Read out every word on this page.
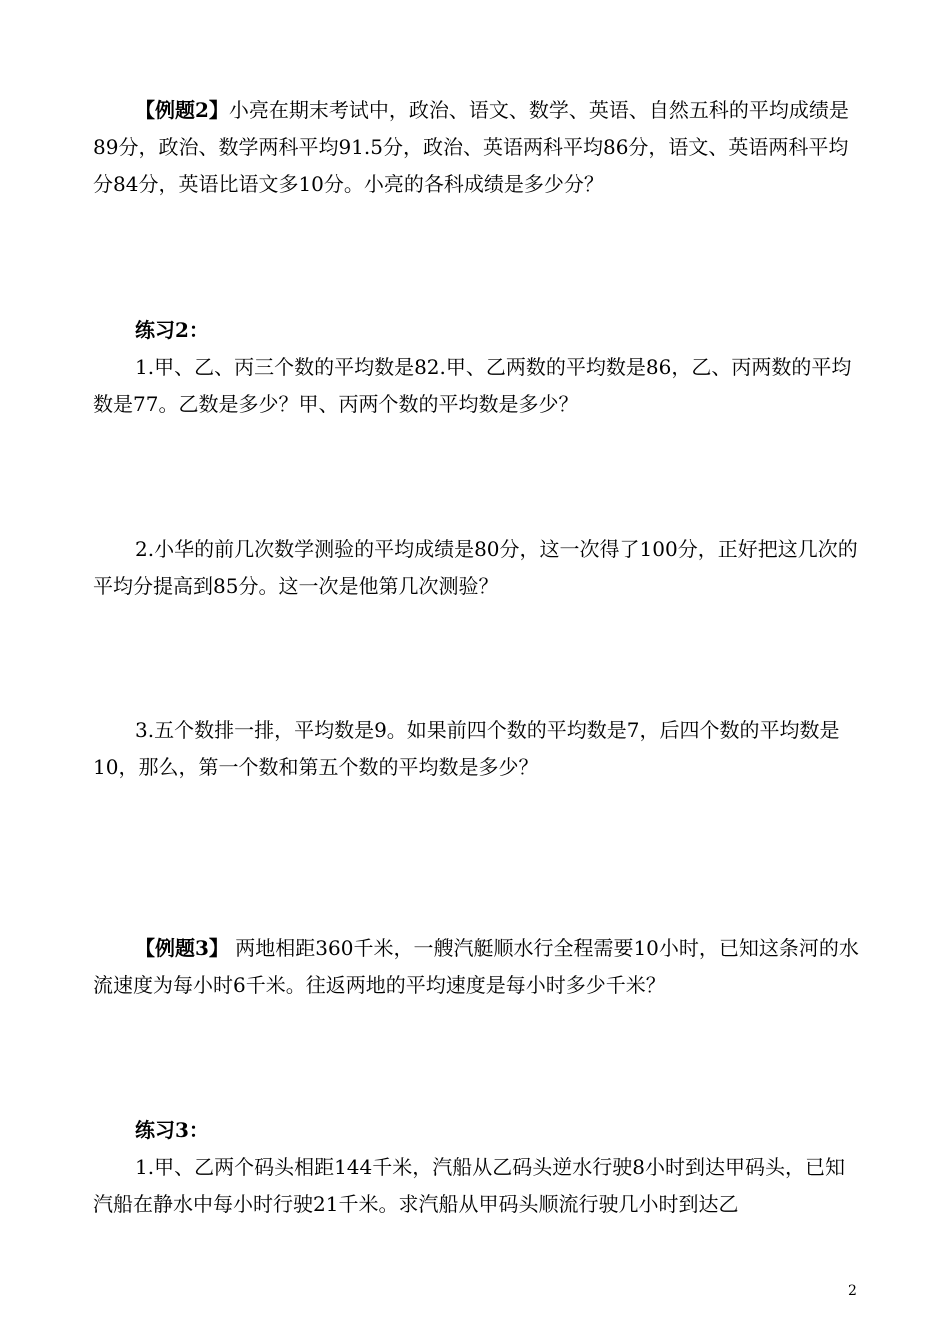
【例题2】小亮在期末考试中，政治、语文、数学、英语、自然五科的平均成绩是89分，政治、数学两科平均91.5分，政治、英语两科平均86分，语文、英语两科平均分84分，英语比语文多10分。小亮的各科成绩是多少分？

练习2：

1.甲、乙、丙三个数的平均数是82.甲、乙两数的平均数是86，乙、丙两数的平均数是77。乙数是多少？甲、丙两个数的平均数是多少？

2.小华的前几次数学测验的平均成绩是80分，这一次得了100分，正好把这几次的平均分提高到85分。这一次是他第几次测验？

3.五个数排一排，平均数是9。如果前四个数的平均数是7，后四个数的平均数是10，那么，第一个数和第五个数的平均数是多少？

【例题3】 两地相距360千米，一艘汽艇顺水行全程需要10小时，已知这条河的水流速度为每小时6千米。往返两地的平均速度是每小时多少千米？

练习3：

1.甲、乙两个码头相距144千米，汽船从乙码头逆水行驶8小时到达甲码头，已知汽船在静水中每小时行驶21千米。求汽船从甲码头顺流行驶几小时到达乙

2
